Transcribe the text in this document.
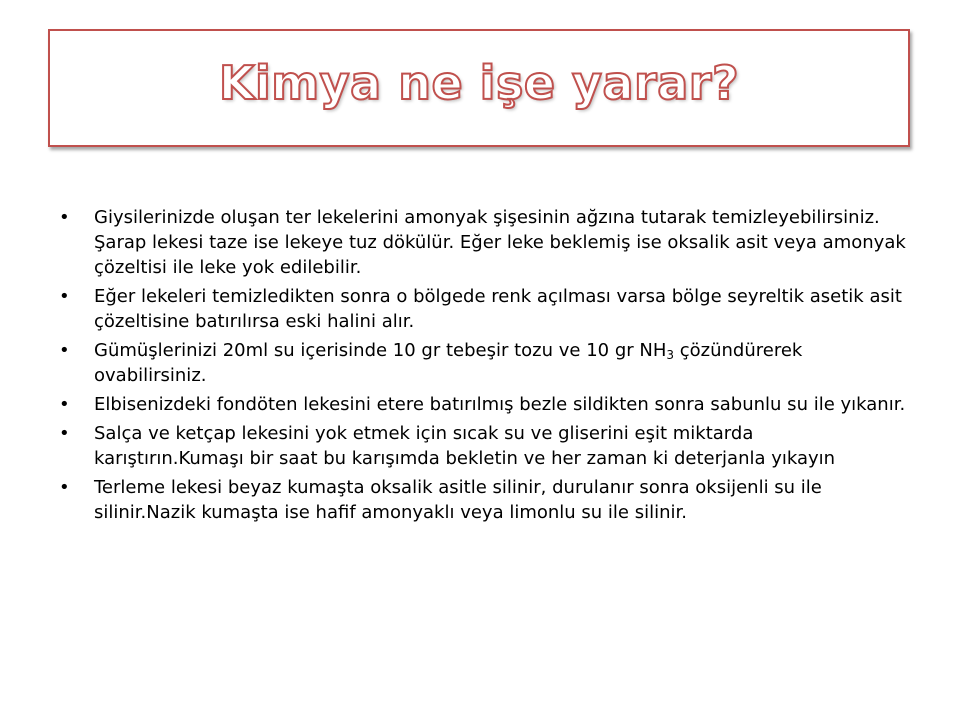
Kimya ne işe yarar?
• Giysilerinizde oluşan ter lekelerini amonyak şişesinin ağzına tutarak temizleyebilirsiniz. Şarap lekesi taze ise lekeye tuz dökülür. Eğer leke beklemiş ise oksalik asit veya amonyak çözeltisi ile leke yok edilebilir.
• Eğer lekeleri temizledikten sonra o bölgede renk açılması varsa bölge seyreltik asetik asit çözeltisine batırılırsa eski halini alır.
• Gümüşlerinizi 20ml su içerisinde 10 gr tebeşir tozu ve 10 gr $NH_3$ çözündürerek ovabilirsiniz.
• Elbisenizdeki fondöten lekesini etere batırılmış bezle sildikten sonra sabunlu su ile yıkanır.
• Salça ve ketçap lekesini yok etmek için sıcak su ve gliserini eşit miktarda karıştırın.Kumaşı bir saat bu karışımda bekletin ve her zaman ki deterjanla yıkayın
• Terleme lekesi beyaz kumaşta oksalik asitle silinir, durulanır sonra oksijenli su ile silinir.Nazik kumaşta ise hafif amonyaklı veya limonlu su ile silinir.
